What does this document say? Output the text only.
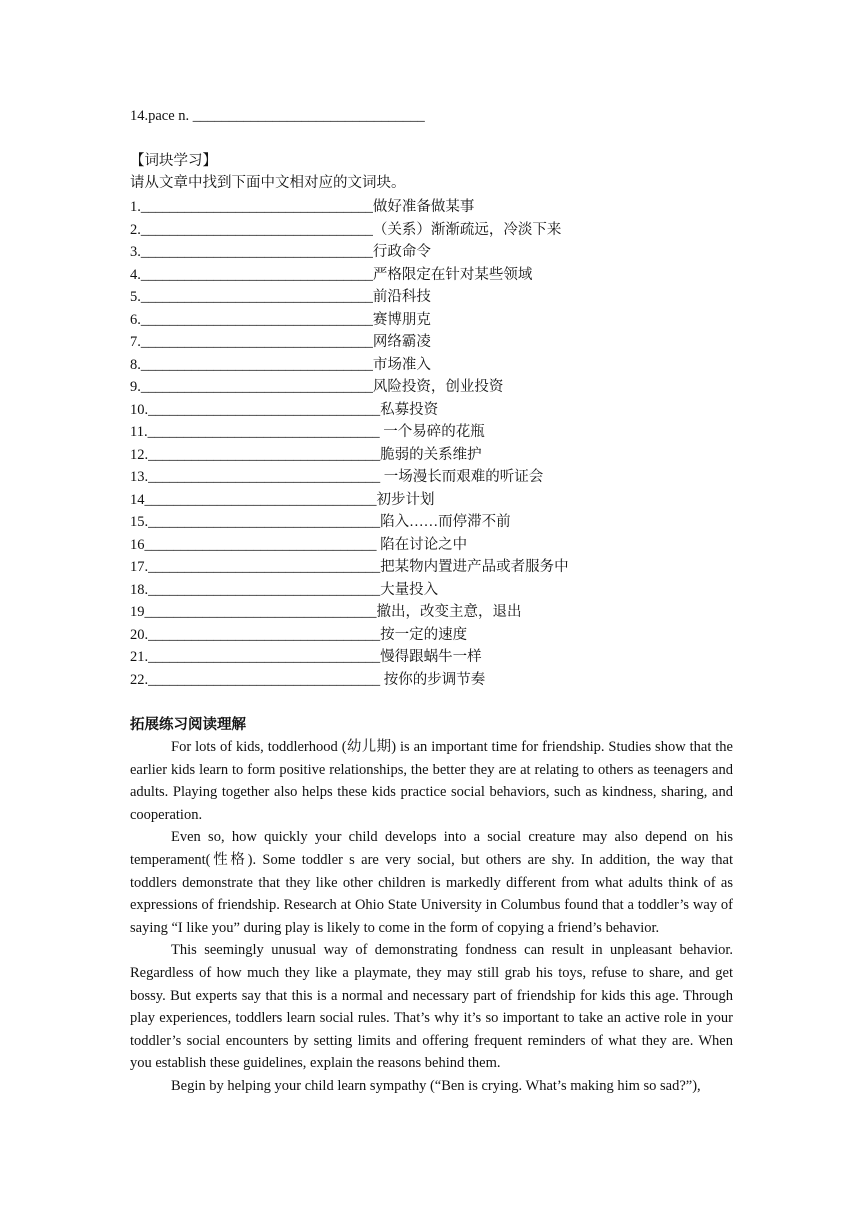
14.pace n. ________________________________
【词块学习】
请从文章中找到下面中文相对应的文词块。
1.________________________________做好准备做某事
2.________________________________（关系）渐渐疏远，冷淡下来
3.________________________________行政命令
4.________________________________严格限定在针对某些领域
5.________________________________前沿科技
6.________________________________赛博朋克
7.________________________________网络霸凌
8.________________________________市场准入
9.________________________________风险投资，创业投资
10.________________________________私募投资
11.________________________________ 一个易碎的花瓶
12.________________________________脆弱的关系维护
13.________________________________ 一场漫长而艰难的听证会
14________________________________初步计划
15.________________________________陷入……而停滞不前
16________________________________ 陷在讨论之中
17.________________________________把某物内置进产品或者服务中
18.________________________________大量投入
19________________________________撤出，改变主意，退出
20.________________________________按一定的速度
21.________________________________慢得跟蜗牛一样
22.________________________________ 按你的步调节奏
拓展练习阅读理解

For lots of kids, toddlerhood (幼儿期) is an important time for friendship. Studies show that the earlier kids learn to form positive relationships, the better they are at relating to others as teenagers and adults. Playing together also helps these kids practice social behaviors, such as kindness, sharing, and cooperation.

Even so, how quickly your child develops into a social creature may also depend on his temperament(性格). Some toddler s are very social, but others are shy. In addition, the way that toddlers demonstrate that they like other children is markedly different from what adults think of as expressions of friendship. Research at Ohio State University in Columbus found that a toddler’s way of saying “I like you” during play is likely to come in the form of copying a friend’s behavior.

This seemingly unusual way of demonstrating fondness can result in unpleasant behavior. Regardless of how much they like a playmate, they may still grab his toys, refuse to share, and get bossy. But experts say that this is a normal and necessary part of friendship for kids this age. Through play experiences, toddlers learn social rules. That’s why it’s so important to take an active role in your toddler’s social encounters by setting limits and offering frequent reminders of what they are. When you establish these guidelines, explain the reasons behind them.

Begin by helping your child learn sympathy (“Ben is crying. What’s making him so sad?”),
